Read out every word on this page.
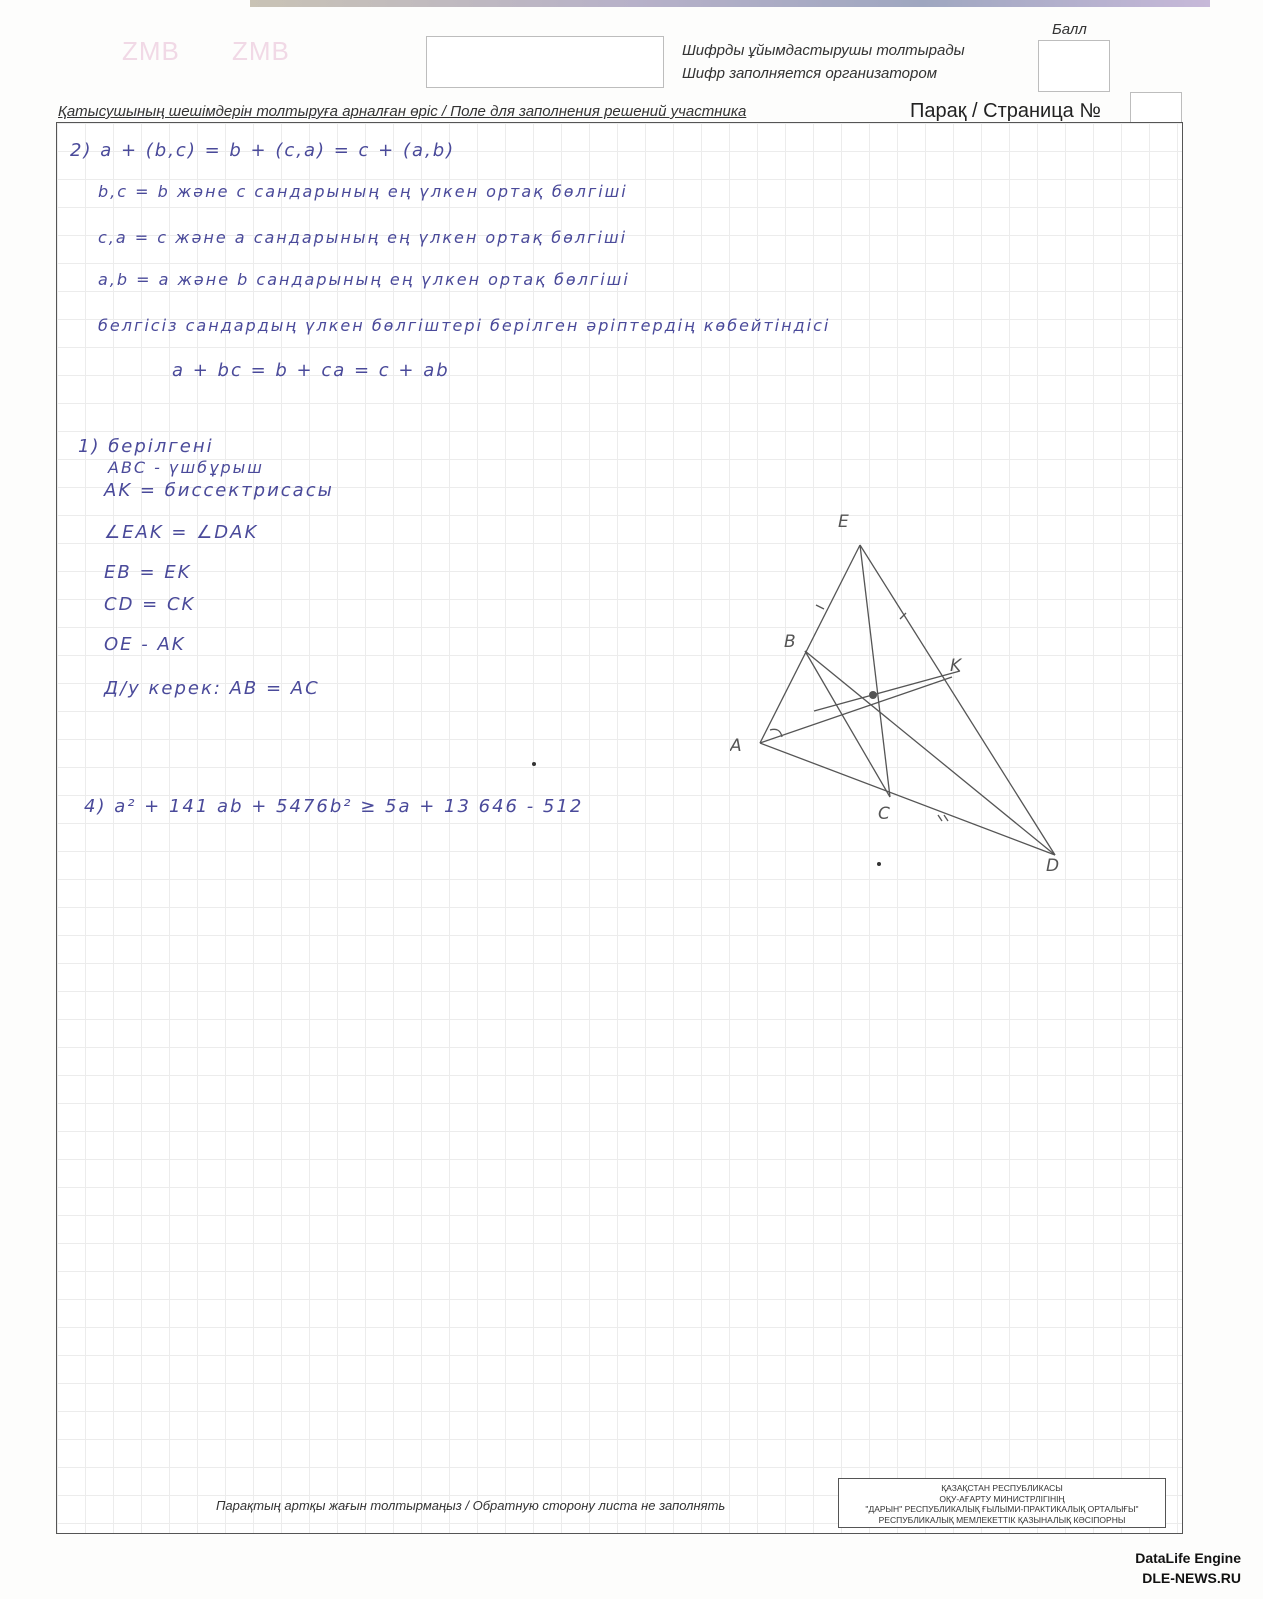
ZMB ZMB	Шифрды ұйымдастырушы толтырады
Шифр заполняется организатором
Балл
Қатысушының шешімдерін толтыруға арналған өріс / Поле для заполнения решений участника	Парақ / Страница №
2) a + (b,c) = b + (c,a) = c + (a,b)
b,c = b және c сандарының ең үлкен ортақ бөлгіші
c,a = c және a сандарының ең үлкен ортақ бөлгіші
a,b = a және b сандарының ең үлкен ортақ бөлгіші
белгісіз сандардың үлкен бөлгіштері берілген әріптердің көбейтіндісі
a + bc = b + ca = c + ab
1) берілгені
ABC - үшбұрыш
AK = биссектрисасы
∠EAK = ∠DAK
EB = EK
CD = CK
OE - AK
Д/у керек: AB = AC
4) a² + 141 ab + 5476b² ≥ 5a + 13 646 - 512
E
B
K
A
C
D
Парақтың артқы жағын толтырмаңыз / Обратную сторону листа не заполнять
ҚАЗАҚСТАН РЕСПУБЛИКАСЫ
ОҚУ-АҒАРТУ МИНИСТРЛІГІНІҢ
"ДАРЫН" РЕСПУБЛИКАЛЫҚ ҒЫЛЫМИ-ПРАКТИКАЛЫҚ ОРТАЛЫҒЫ"
РЕСПУБЛИКАЛЫҚ МЕМЛЕКЕТТІК ҚАЗЫНАЛЫҚ КӘСІПОРНЫ
DataLife Engine
DLE-NEWS.RU
